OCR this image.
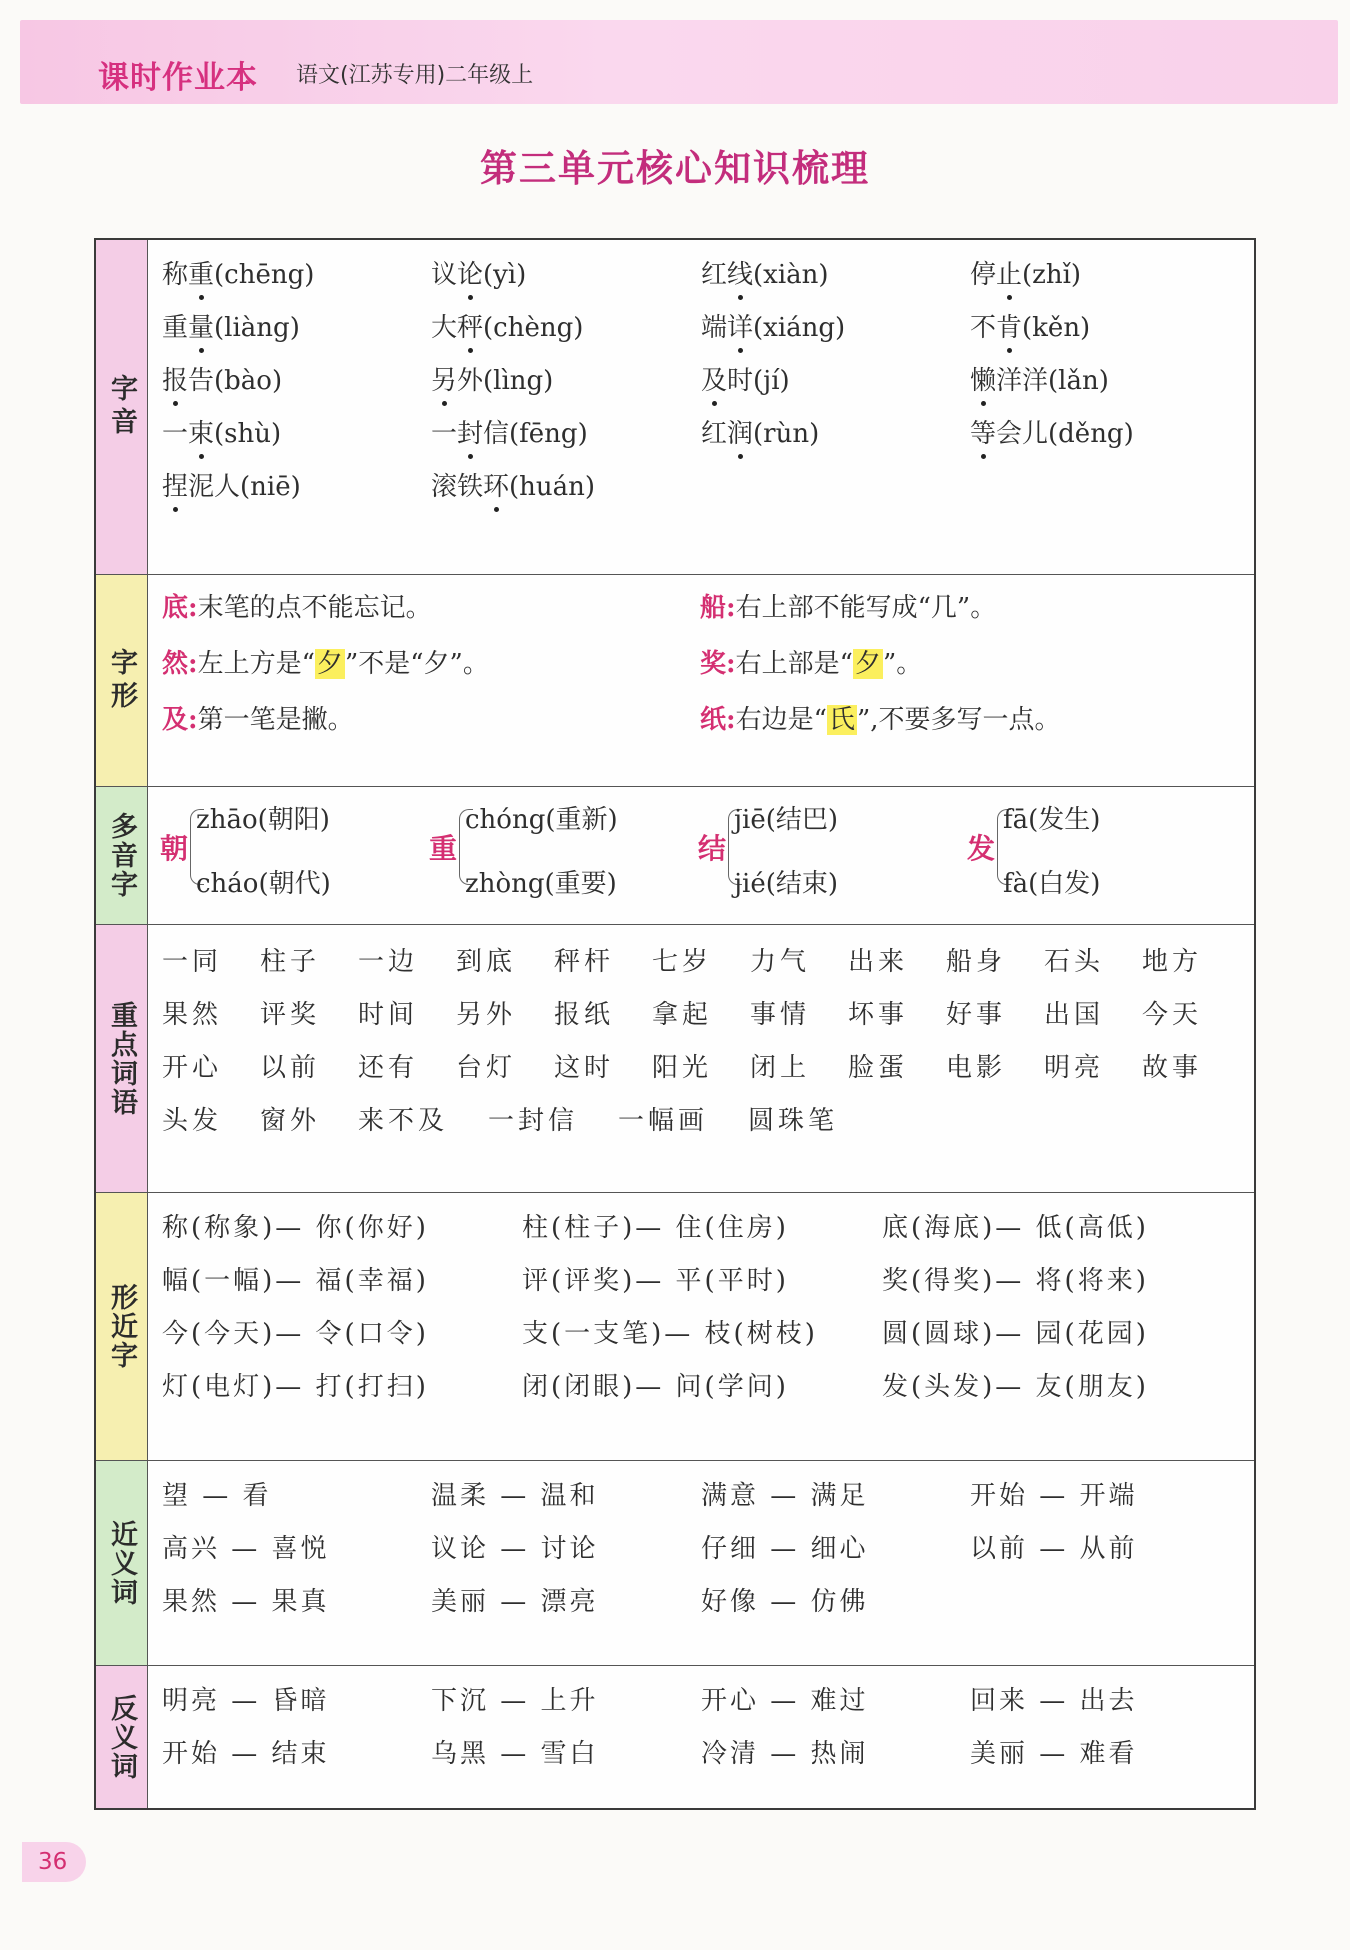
课时作业本 语文(江苏专用)二年级上
第三单元核心知识梳理
字音
称重(chēng)	议论(yì)	红线(xiàn)	停止(zhǐ)
重量(liàng)	大秤(chèng)	端详(xiáng)	不肯(kěn)
报告(bào)	另外(lìng)	及时(jí)	懒洋洋(lǎn)
一束(shù)	一封信(fēng)	红润(rùn)	等会儿(děng)
捏泥人(niē)	滚铁环(huán)
字形
底:末笔的点不能忘记。	船:右上部不能写成“几”。
然:左上方是“夕”不是“夕”。	奖:右上部是“夕”。
及:第一笔是撇。	纸:右边是“氏”,不要多写一点。
多音字 朝
zhāo(朝阳)
cháo(朝代)
重
chóng(重新)
zhòng(重要)
结
jiē(结巴)
jié(结束)
发
fā(发生)
fà(白发)
重点词语
一同 柱子 一边 到底 秤杆 七岁 力气 出来 船身 石头 地方
果然 评奖 时间 另外 报纸 拿起 事情 坏事 好事 出国 今天
开心 以前 还有 台灯 这时 阳光 闭上 脸蛋 电影 明亮 故事
头发 窗外 来不及 一封信 一幅画 圆珠笔
形近字
称(称象)— 你(你好)	柱(柱子)— 住(住房)	底(海底)— 低(高低)
幅(一幅)— 福(幸福)	评(评奖)— 平(平时)	奖(得奖)— 将(将来)
今(今天)— 令(口令)	支(一支笔)— 枝(树枝) 圆(圆球)— 园(花园)
灯(电灯)— 打(打扫)	闭(闭眼)— 问(学问)	发(头发)— 友(朋友)
近义词
望 — 看	温柔 — 温和	满意 — 满足	开始 — 开端
高兴 — 喜悦	议论 — 讨论	仔细 — 细心	以前 — 从前
果然 — 果真	美丽 — 漂亮	好像 — 仿佛
反义词 明亮 — 昏暗	下沉 — 上升	开心 — 难过	回来 — 出去
开始 — 结束	乌黑 — 雪白	冷清 — 热闹	美丽 — 难看
36
